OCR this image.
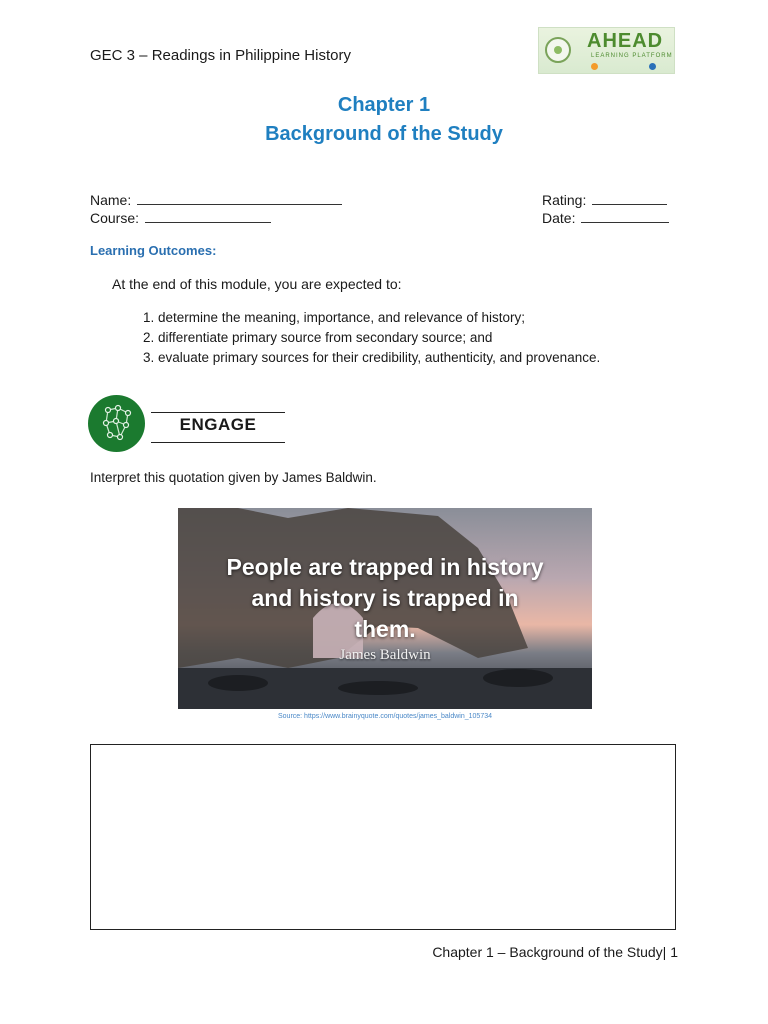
GEC 3 – Readings in Philippine History
AHEAD
LEARNING PLATFORM
Chapter 1
Background of the Study
Name:
Course:
Rating:
Date:
Learning Outcomes:
At the end of this module, you are expected to:
1. determine the meaning, importance, and relevance of history;
2. differentiate primary source from secondary source; and
3. evaluate primary sources for their credibility, authenticity, and provenance.
ENGAGE
Interpret this quotation given by James Baldwin.
People are trapped in history
and history is trapped in
them.
James Baldwin
Source: https://www.brainyquote.com/quotes/james_baldwin_105734
Chapter 1 – Background of the Study| 1
